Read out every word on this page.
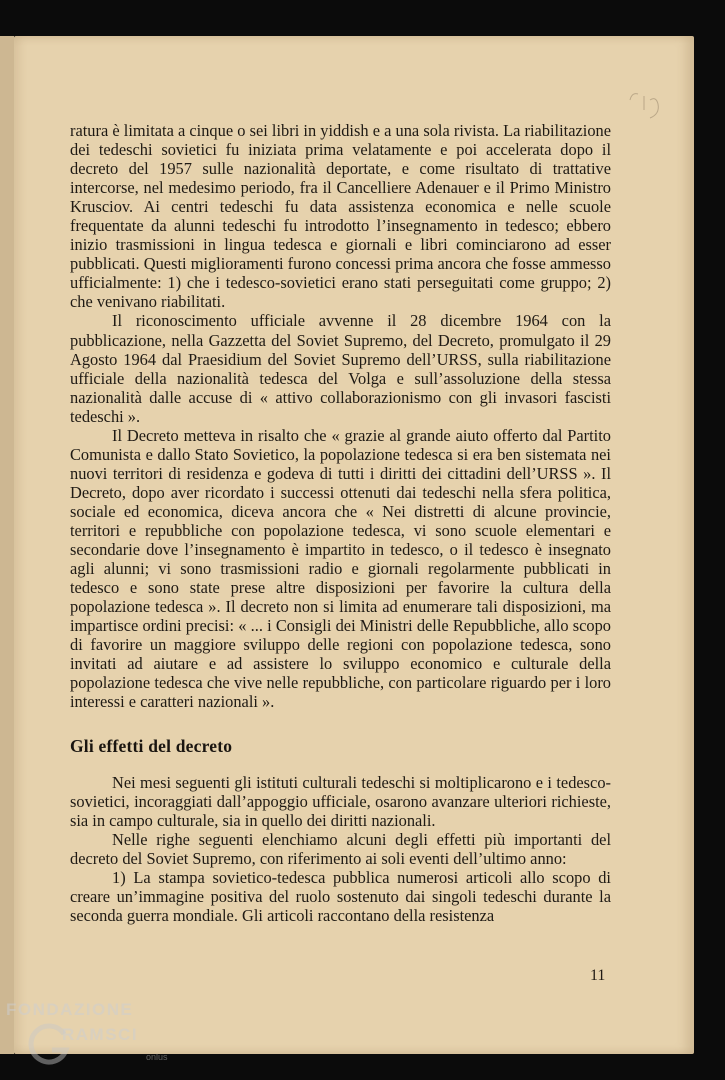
ratura è limitata a cinque o sei libri in yiddish e a una sola rivista. La riabilitazione dei tedeschi sovietici fu iniziata prima velatamente e poi accelerata dopo il decreto del 1957 sulle nazionalità deportate, e come risultato di trattative intercorse, nel medesimo periodo, fra il Cancelliere Adenauer e il Primo Ministro Krusciov. Ai centri tedeschi fu data assistenza economica e nelle scuole frequentate da alunni tedeschi fu introdotto l’insegnamento in tedesco; ebbero inizio trasmissioni in lingua tedesca e giornali e libri cominciarono ad esser pubblicati. Questi miglioramenti furono concessi prima ancora che fosse ammesso ufficialmente: 1) che i tedesco-sovietici erano stati perseguitati come gruppo; 2) che venivano riabilitati.

Il riconoscimento ufficiale avvenne il 28 dicembre 1964 con la pubblicazione, nella Gazzetta del Soviet Supremo, del Decreto, promulgato il 29 Agosto 1964 dal Praesidium del Soviet Supremo dell’URSS, sulla riabilitazione ufficiale della nazionalità tedesca del Volga e sull’assoluzione della stessa nazionalità dalle accuse di « attivo collaborazionismo con gli invasori fascisti tedeschi ».

Il Decreto metteva in risalto che « grazie al grande aiuto offerto dal Partito Comunista e dallo Stato Sovietico, la popolazione tedesca si era ben sistemata nei nuovi territori di residenza e godeva di tutti i diritti dei cittadini dell’URSS ». Il Decreto, dopo aver ricordato i successi ottenuti dai tedeschi nella sfera politica, sociale ed economica, diceva ancora che « Nei distretti di alcune provincie, territori e repubbliche con popolazione tedesca, vi sono scuole elementari e secondarie dove l’insegnamento è impartito in tedesco, o il tedesco è insegnato agli alunni; vi sono trasmissioni radio e giornali regolarmente pubblicati in tedesco e sono state prese altre disposizioni per favorire la cultura della popolazione tedesca ». Il decreto non si limita ad enumerare tali disposizioni, ma impartisce ordini precisi: « ... i Consigli dei Ministri delle Repubbliche, allo scopo di favorire un maggiore sviluppo delle regioni con popolazione tedesca, sono invitati ad aiutare e ad assistere lo sviluppo economico e culturale della popolazione tedesca che vive nelle repubbliche, con particolare riguardo per i loro interessi e caratteri nazionali ».

Gli effetti del decreto

Nei mesi seguenti gli istituti culturali tedeschi si moltiplicarono e i tedesco-sovietici, incoraggiati dall’appoggio ufficiale, osarono avanzare ulteriori richieste, sia in campo culturale, sia in quello dei diritti nazionali.

Nelle righe seguenti elenchiamo alcuni degli effetti più importanti del decreto del Soviet Supremo, con riferimento ai soli eventi dell’ultimo anno:

1) La stampa sovietico-tedesca pubblica numerosi articoli allo scopo di creare un’immagine positiva del ruolo sostenuto dai singoli tedeschi durante la seconda guerra mondiale. Gli articoli raccontano della resistenza

11
FONDAZIONE
RAMSCI
onlus
